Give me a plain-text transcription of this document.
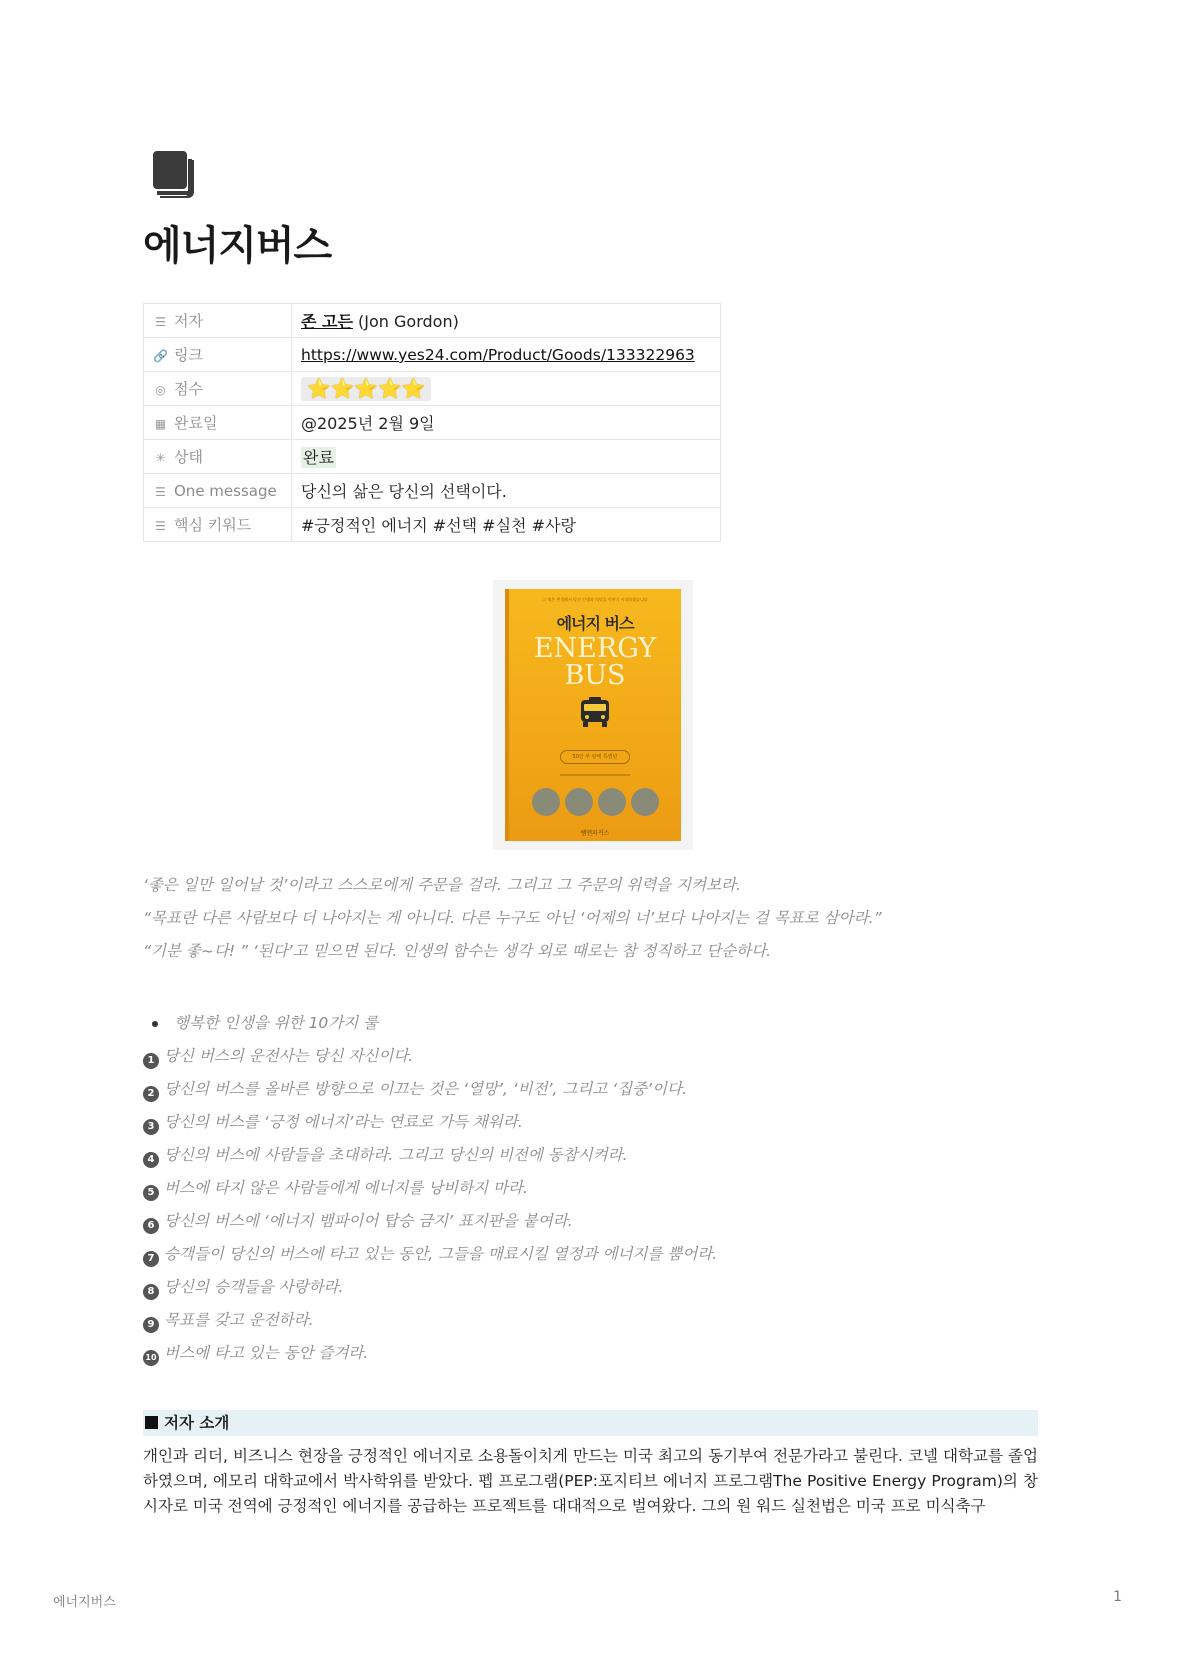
에너지버스
☰ 저자	존 고든 (Jon Gordon)
🔗 링크	https://www.yes24.com/Product/Goods/133322963
◎ 점수	⭐⭐⭐⭐⭐
▦ 완료일	@2025년 2월 9일
✳ 상태	완료
☰ One message	당신의 삶은 당신의 선택이다.
☰ 핵심 키워드	#긍정적인 에너지 #선택 #실천 #사랑
그 책은 변경해서 당신 인생과 희망을 이야기 시작하였습니다
에너지 버스
ENERGY
BUS
50만 부 판매 특별판
쌤앤파커스

‘좋은 일만 일어날 것’이라고 스스로에게 주문을 걸라. 그리고 그 주문의 위력을 지켜보라.

“목표란 다른 사람보다 더 나아지는 게 아니다. 다른 누구도 아닌 ‘어제의 너’보다 나아지는 걸 목표로 삼아라.”

“기분 좋~다! ” ‘된다’고 믿으면 된다. 인생의 함수는 생각 외로 때로는 참 정직하고 단순하다.

행복한 인생을 위한 10가지 룰
1 당신 버스의 운전사는 당신 자신이다.
2 당신의 버스를 올바른 방향으로 이끄는 것은 ‘열망’, ‘비전’, 그리고 ‘집중’이다.
3 당신의 버스를 ‘긍정 에너지’라는 연료로 가득 채워라.
4 당신의 버스에 사람들을 초대하라. 그리고 당신의 비전에 동참시켜라.
5 버스에 타지 않은 사람들에게 에너지를 낭비하지 마라.
6 당신의 버스에 ‘에너지 뱀파이어 탑승 금지’ 표지판을 붙여라.
7 승객들이 당신의 버스에 타고 있는 동안, 그들을 매료시킬 열정과 에너지를 뿜어라.
8 당신의 승객들을 사랑하라.
9 목표를 갖고 운전하라.
10 버스에 타고 있는 동안 즐겨라.
저자 소개
개인과 리더, 비즈니스 현장을 긍정적인 에너지로 소용돌이치게 만드는 미국 최고의 동기부여 전문가라고 불린다. 코넬 대학교를 졸업하였으며, 에모리 대학교에서 박사학위를 받았다. 펩 프로그램(PEP:포지티브 에너지 프로그램The Positive Energy Program)의 창시자로 미국 전역에 긍정적인 에너지를 공급하는 프로젝트를 대대적으로 벌여왔다. 그의 원 워드 실천법은 미국 프로 미식축구
에너지버스	1
